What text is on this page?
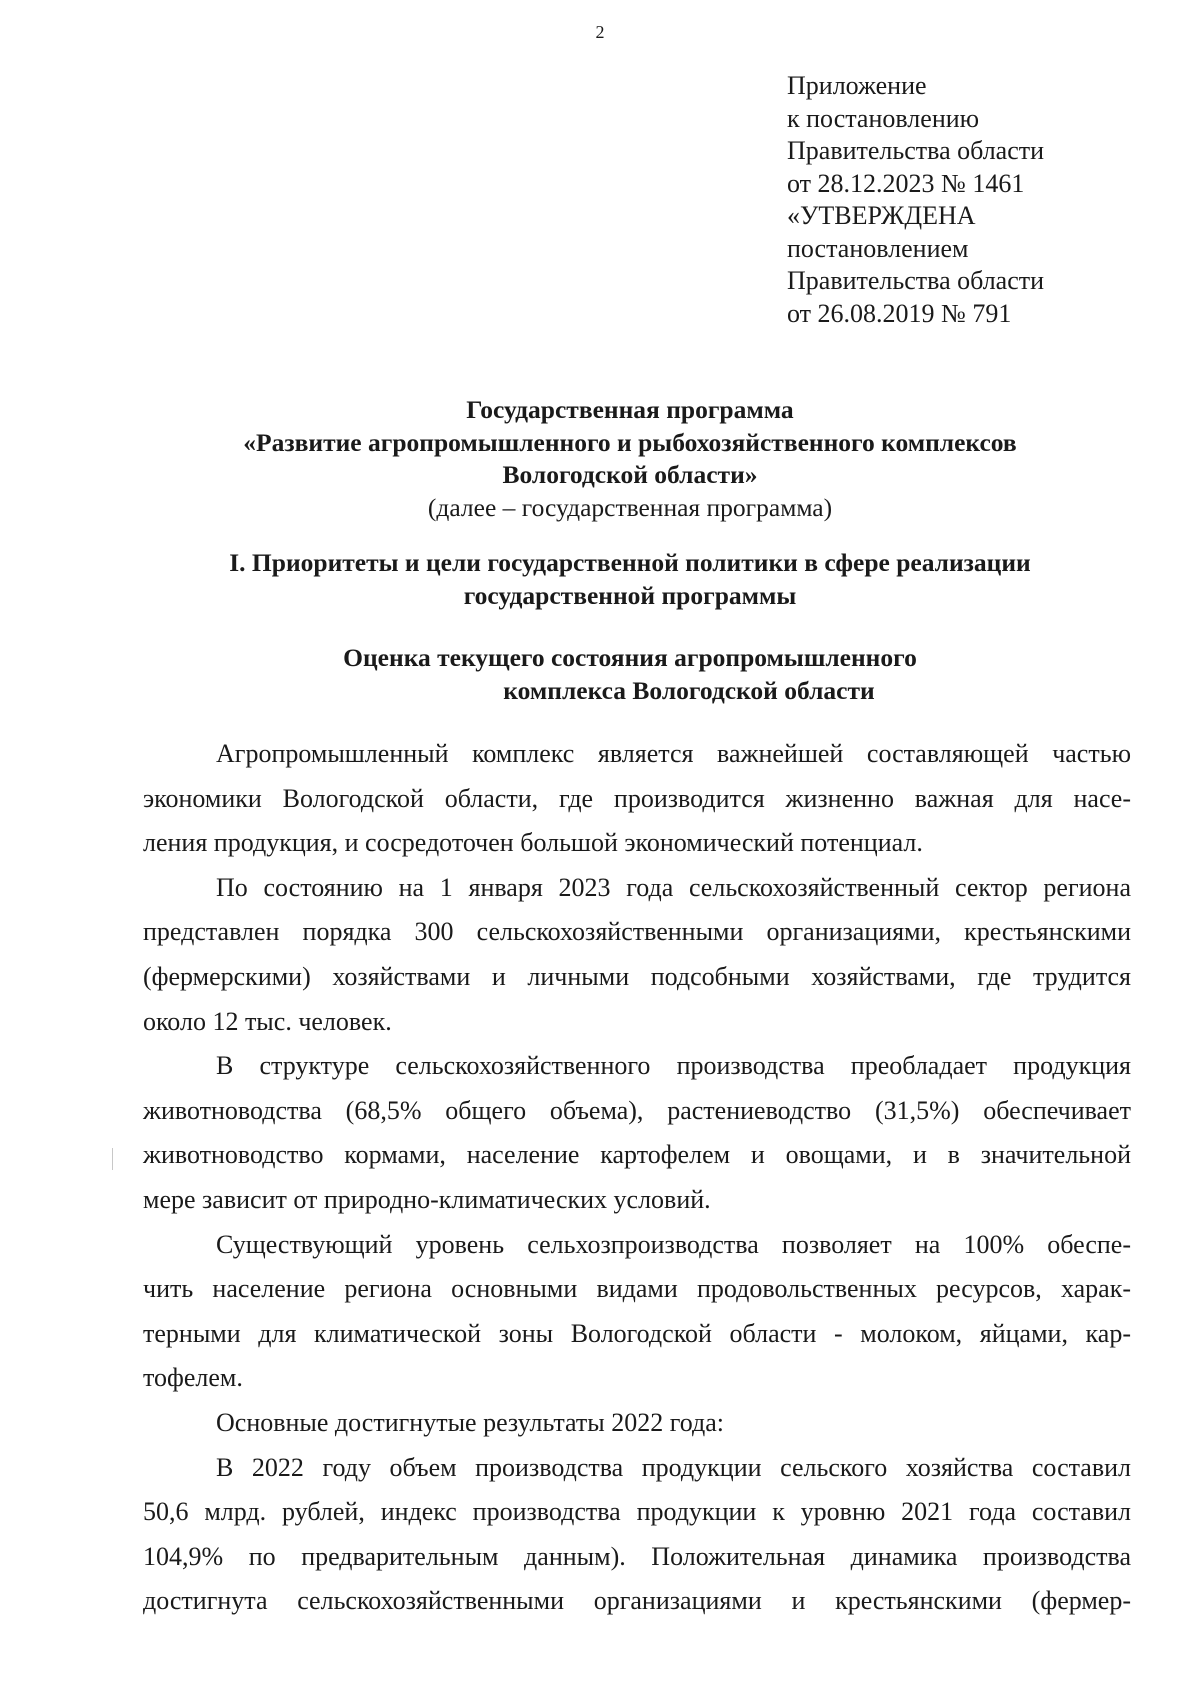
2
Приложение
к постановлению
Правительства области
от 28.12.2023 № 1461
«УТВЕРЖДЕНА
постановлением
Правительства области
от 26.08.2019 № 791
Государственная программа
«Развитие агропромышленного и рыбохозяйственного комплексов
Вологодской области»
(далее – государственная программа)
I. Приоритеты и цели государственной политики в сфере реализации
государственной программы
Оценка текущего состояния агропромышленного
комплекса Вологодской области
Агропромышленный комплекс является важнейшей составляющей частью
экономики Вологодской области, где производится жизненно важная для насе-
ления продукция, и сосредоточен большой экономический потенциал.
По состоянию на 1 января 2023 года сельскохозяйственный сектор региона
представлен порядка 300 сельскохозяйственными организациями, крестьянскими
(фермерскими) хозяйствами и личными подсобными хозяйствами, где трудится
около 12 тыс. человек.
В структуре сельскохозяйственного производства преобладает продукция
животноводства (68,5% общего объема), растениеводство (31,5%) обеспечивает
животноводство кормами, население картофелем и овощами, и в значительной
мере зависит от природно-климатических условий.
Существующий уровень сельхозпроизводства позволяет на 100% обеспе-
чить население региона основными видами продовольственных ресурсов, харак-
терными для климатической зоны Вологодской области - молоком, яйцами, кар-
тофелем.
Основные достигнутые результаты 2022 года:
В 2022 году объем производства продукции сельского хозяйства составил
50,6 млрд. рублей, индекс производства продукции к уровню 2021 года составил
104,9% по предварительным данным). Положительная динамика производства
достигнута сельскохозяйственными организациями и крестьянскими (фермер-
